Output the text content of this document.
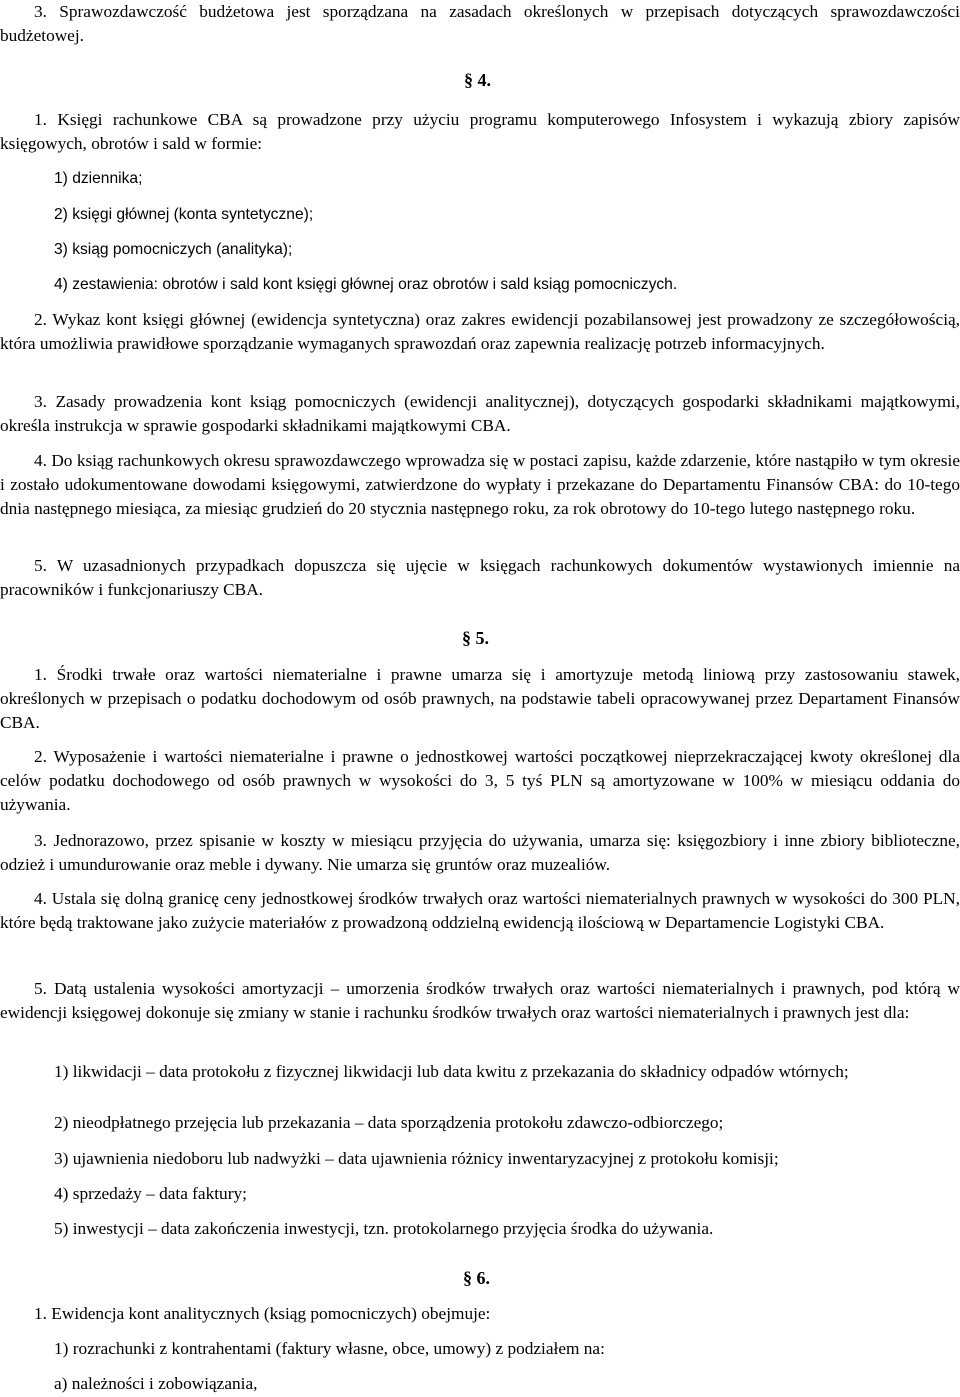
3. Sprawozdawczość budżetowa jest sporządzana na zasadach określonych w przepisach dotyczących sprawozdawczości budżetowej.

§ 4.

1. Księgi rachunkowe CBA są prowadzone przy użyciu programu komputerowego Infosystem i wykazują zbiory zapisów księgowych, obrotów i sald w formie:

1) dziennika;

2) księgi głównej (konta syntetyczne);

3) ksiąg pomocniczych (analityka);

4) zestawienia: obrotów i sald kont księgi głównej oraz obrotów i sald ksiąg pomocniczych.

2. Wykaz kont księgi głównej (ewidencja syntetyczna) oraz zakres ewidencji pozabilansowej jest prowadzony ze szczegółowością, która umożliwia prawidłowe sporządzanie wymaganych sprawozdań oraz zapewnia realizację potrzeb informacyjnych.

3. Zasady prowadzenia kont ksiąg pomocniczych (ewidencji analitycznej), dotyczących gospodarki składnikami majątkowymi, określa instrukcja w sprawie gospodarki składnikami majątkowymi CBA.

4. Do ksiąg rachunkowych okresu sprawozdawczego wprowadza się w postaci zapisu, każde zdarzenie, które nastąpiło w tym okresie i zostało udokumentowane dowodami księgowymi, zatwierdzone do wypłaty i przekazane do Departamentu Finansów CBA: do 10-tego dnia następnego miesiąca, za miesiąc grudzień do 20 stycznia następnego roku, za rok obrotowy do 10-tego lutego następnego roku.

5. W uzasadnionych przypadkach dopuszcza się ujęcie w księgach rachunkowych dokumentów wystawionych imiennie na pracowników i funkcjonariuszy CBA.

§ 5.

1. Środki trwałe oraz wartości niematerialne i prawne umarza się i amortyzuje metodą liniową przy zastosowaniu stawek, określonych w przepisach o podatku dochodowym od osób prawnych, na podstawie tabeli opracowywanej przez Departament Finansów CBA.

2. Wyposażenie i wartości niematerialne i prawne o jednostkowej wartości początkowej nieprzekraczającej kwoty określonej dla celów podatku dochodowego od osób prawnych w wysokości do 3, 5 tyś PLN są amortyzowane w 100% w miesiącu oddania do używania.

3. Jednorazowo, przez spisanie w koszty w miesiącu przyjęcia do używania, umarza się: księgozbiory i inne zbiory biblioteczne, odzież i umundurowanie oraz meble i dywany. Nie umarza się gruntów oraz muzealiów.

4. Ustala się dolną granicę ceny jednostkowej środków trwałych oraz wartości niematerialnych prawnych w wysokości do 300 PLN, które będą traktowane jako zużycie materiałów z prowadzoną oddzielną ewidencją ilościową w Departamencie Logistyki CBA.

5. Datą ustalenia wysokości amortyzacji – umorzenia środków trwałych oraz wartości niematerialnych i prawnych, pod którą w ewidencji księgowej dokonuje się zmiany w stanie i rachunku środków trwałych oraz wartości niematerialnych i prawnych jest dla:

1) likwidacji – data protokołu z fizycznej likwidacji lub data kwitu z przekazania do składnicy odpadów wtórnych;

2) nieodpłatnego przejęcia lub przekazania – data sporządzenia protokołu zdawczo-odbiorczego;

3) ujawnienia niedoboru lub nadwyżki – data ujawnienia różnicy inwentaryzacyjnej z protokołu komisji;

4) sprzedaży – data faktury;

5) inwestycji – data zakończenia inwestycji, tzn. protokolarnego przyjęcia środka do używania.

§ 6.

1. Ewidencja kont analitycznych (ksiąg pomocniczych) obejmuje:

1) rozrachunki z kontrahentami (faktury własne, obce, umowy) z podziałem na:

a) należności i zobowiązania,
